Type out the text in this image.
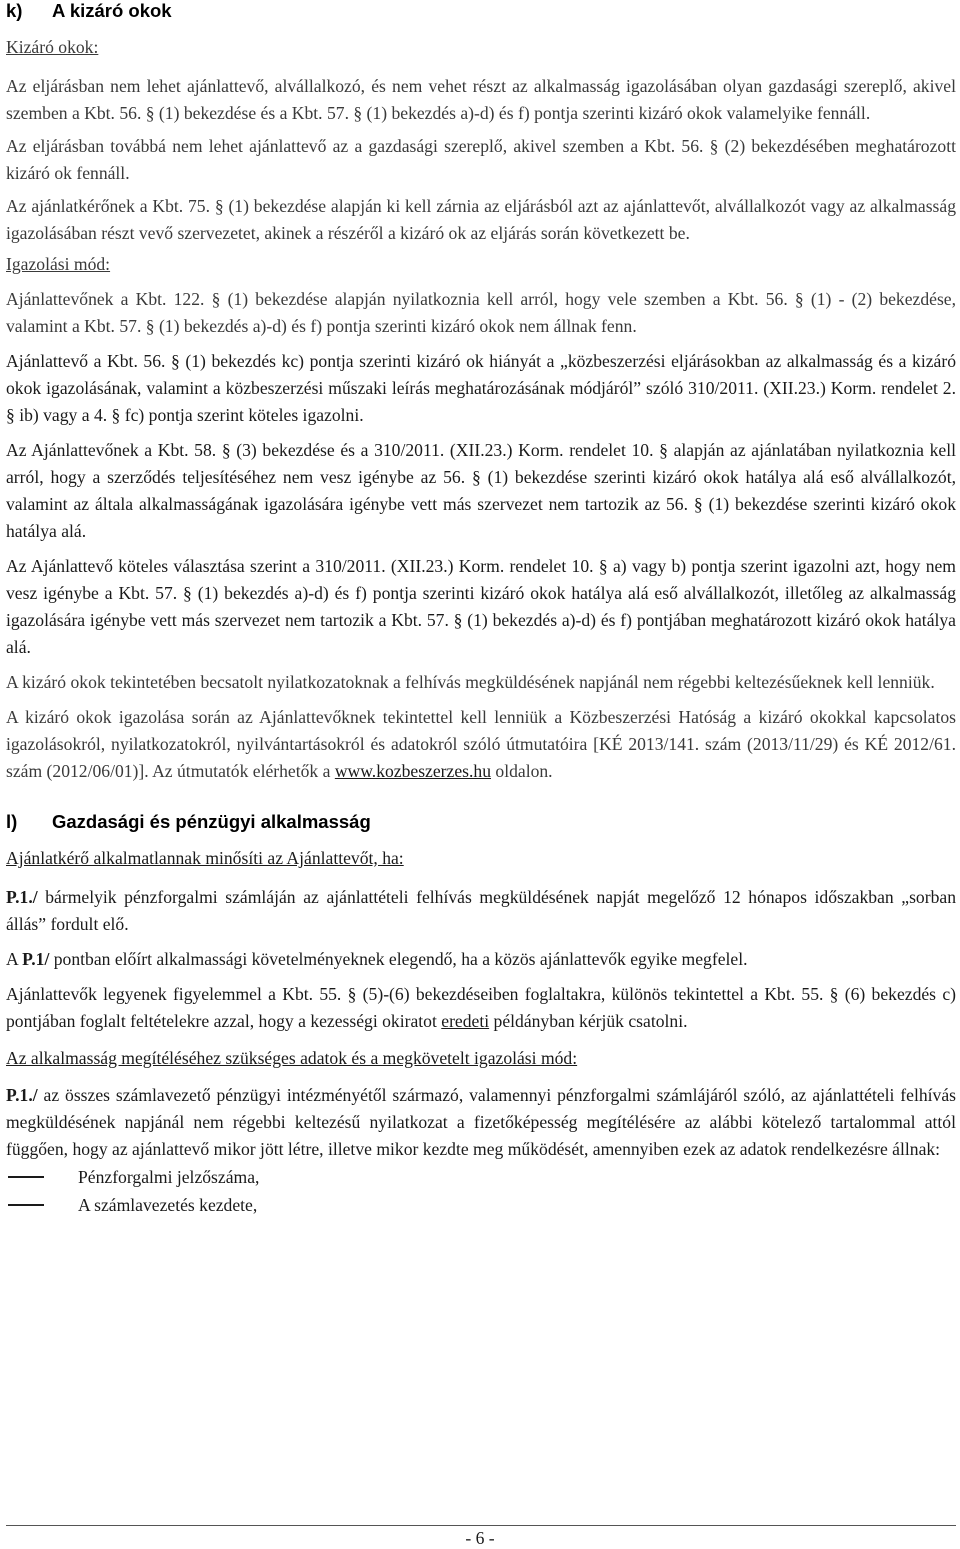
k) A kizáró okok

Kizáró okok:

Az eljárásban nem lehet ajánlattevő, alvállalkozó, és nem vehet részt az alkalmasság igazolásában olyan gazdasági szereplő, akivel szemben a Kbt. 56. § (1) bekezdése és a Kbt. 57. § (1) bekezdés a)-d) és f) pontja szerinti kizáró okok valamelyike fennáll.

Az eljárásban továbbá nem lehet ajánlattevő az a gazdasági szereplő, akivel szemben a Kbt. 56. § (2) bekezdésében meghatározott kizáró ok fennáll.

Az ajánlatkérőnek a Kbt. 75. § (1) bekezdése alapján ki kell zárnia az eljárásból azt az ajánlattevőt, alvállalkozót vagy az alkalmasság igazolásában részt vevő szervezetet, akinek a részéről a kizáró ok az eljárás során következett be.

Igazolási mód:

Ajánlattevőnek a Kbt. 122. § (1) bekezdése alapján nyilatkoznia kell arról, hogy vele szemben a Kbt. 56. § (1) - (2) bekezdése, valamint a Kbt. 57. § (1) bekezdés a)-d) és f) pontja szerinti kizáró okok nem állnak fenn.

Ajánlattevő a Kbt. 56. § (1) bekezdés kc) pontja szerinti kizáró ok hiányát a „közbeszerzési eljárásokban az alkalmasság és a kizáró okok igazolásának, valamint a közbeszerzési műszaki leírás meghatározásának módjáról” szóló 310/2011. (XII.23.) Korm. rendelet 2. § ib) vagy a 4. § fc) pontja szerint köteles igazolni.

Az Ajánlattevőnek a Kbt. 58. § (3) bekezdése és a 310/2011. (XII.23.) Korm. rendelet 10. § alapján az ajánlatában nyilatkoznia kell arról, hogy a szerződés teljesítéséhez nem vesz igénybe az 56. § (1) bekezdése szerinti kizáró okok hatálya alá eső alvállalkozót, valamint az általa alkalmasságának igazolására igénybe vett más szervezet nem tartozik az 56. § (1) bekezdése szerinti kizáró okok hatálya alá.

Az Ajánlattevő köteles választása szerint a 310/2011. (XII.23.) Korm. rendelet 10. § a) vagy b) pontja szerint igazolni azt, hogy nem vesz igénybe a Kbt. 57. § (1) bekezdés a)-d) és f) pontja szerinti kizáró okok hatálya alá eső alvállalkozót, illetőleg az alkalmasság igazolására igénybe vett más szervezet nem tartozik a Kbt. 57. § (1) bekezdés a)-d) és f) pontjában meghatározott kizáró okok hatálya alá.

A kizáró okok tekintetében becsatolt nyilatkozatoknak a felhívás megküldésének napjánál nem régebbi keltezésűeknek kell lenniük.

A kizáró okok igazolása során az Ajánlattevőknek tekintettel kell lenniük a Közbeszerzési Hatóság a kizáró okokkal kapcsolatos igazolásokról, nyilatkozatokról, nyilvántartásokról és adatokról szóló útmutatóira [KÉ 2013/141. szám (2013/11/29) és KÉ 2012/61. szám (2012/06/01)]. Az útmutatók elérhetők a www.kozbeszerzes.hu oldalon.

l) Gazdasági és pénzügyi alkalmasság

Ajánlatkérő alkalmatlannak minősíti az Ajánlattevőt, ha:

P.1./ bármelyik pénzforgalmi számláján az ajánlattételi felhívás megküldésének napját megelőző 12 hónapos időszakban „sorban állás” fordult elő.

A P.1/ pontban előírt alkalmassági követelményeknek elegendő, ha a közös ajánlattevők egyike megfelel.

Ajánlattevők legyenek figyelemmel a Kbt. 55. § (5)-(6) bekezdéseiben foglaltakra, különös tekintettel a Kbt. 55. § (6) bekezdés c) pontjában foglalt feltételekre azzal, hogy a kezességi okiratot eredeti példányban kérjük csatolni.

Az alkalmasság megítéléséhez szükséges adatok és a megkövetelt igazolási mód:

P.1./ az összes számlavezető pénzügyi intézményétől származó, valamennyi pénzforgalmi számlájáról szóló, az ajánlattételi felhívás megküldésének napjánál nem régebbi keltezésű nyilatkozat a fizetőképesség megítélésére az alábbi kötelező tartalommal attól függően, hogy az ajánlattevő mikor jött létre, illetve mikor kezdte meg működését, amennyiben ezek az adatok rendelkezésre állnak:

Pénzforgalmi jelzőszáma,
A számlavezetés kezdete,
- 6 -
